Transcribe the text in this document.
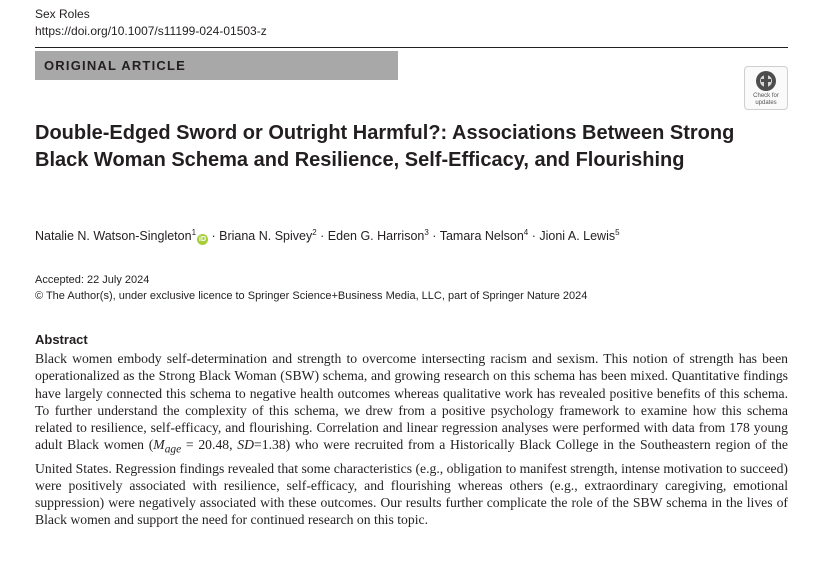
Sex Roles
https://doi.org/10.1007/s11199-024-01503-z
ORIGINAL ARTICLE
Check for
updates
Double-Edged Sword or Outright Harmful?: Associations Between Strong Black Woman Schema and Resilience, Self-Efficacy, and Flourishing
Natalie N. Watson-Singleton$^1$iD · Briana N. Spivey$^2$ · Eden G. Harrison$^3$ · Tamara Nelson$^4$ · Jioni A. Lewis$^5$
Accepted: 22 July 2024
© The Author(s), under exclusive licence to Springer Science+Business Media, LLC, part of Springer Nature 2024
Abstract

Black women embody self-determination and strength to overcome intersecting racism and sexism. This notion of strength has been operationalized as the Strong Black Woman (SBW) schema, and growing research on this schema has been mixed. Quantitative findings have largely connected this schema to negative health outcomes whereas qualitative work has revealed positive benefits of this schema. To further understand the complexity of this schema, we drew from a positive psychology framework to examine how this schema related to resilience, self-efficacy, and flourishing. Correlation and linear regression analyses were performed with data from 178 young adult Black women ($M_{age} = 20.48$, SD=1.38) who were recruited from a Historically Black College in the Southeastern region of the United States. Regression findings revealed that some characteristics (e.g., obligation to manifest strength, intense motivation to succeed) were positively associated with resilience, self-efficacy, and flourishing whereas others (e.g., extraordinary caregiving, emotional suppression) were negatively associated with these outcomes. Our results further complicate the role of the SBW schema in the lives of Black women and support the need for continued research on this topic.
